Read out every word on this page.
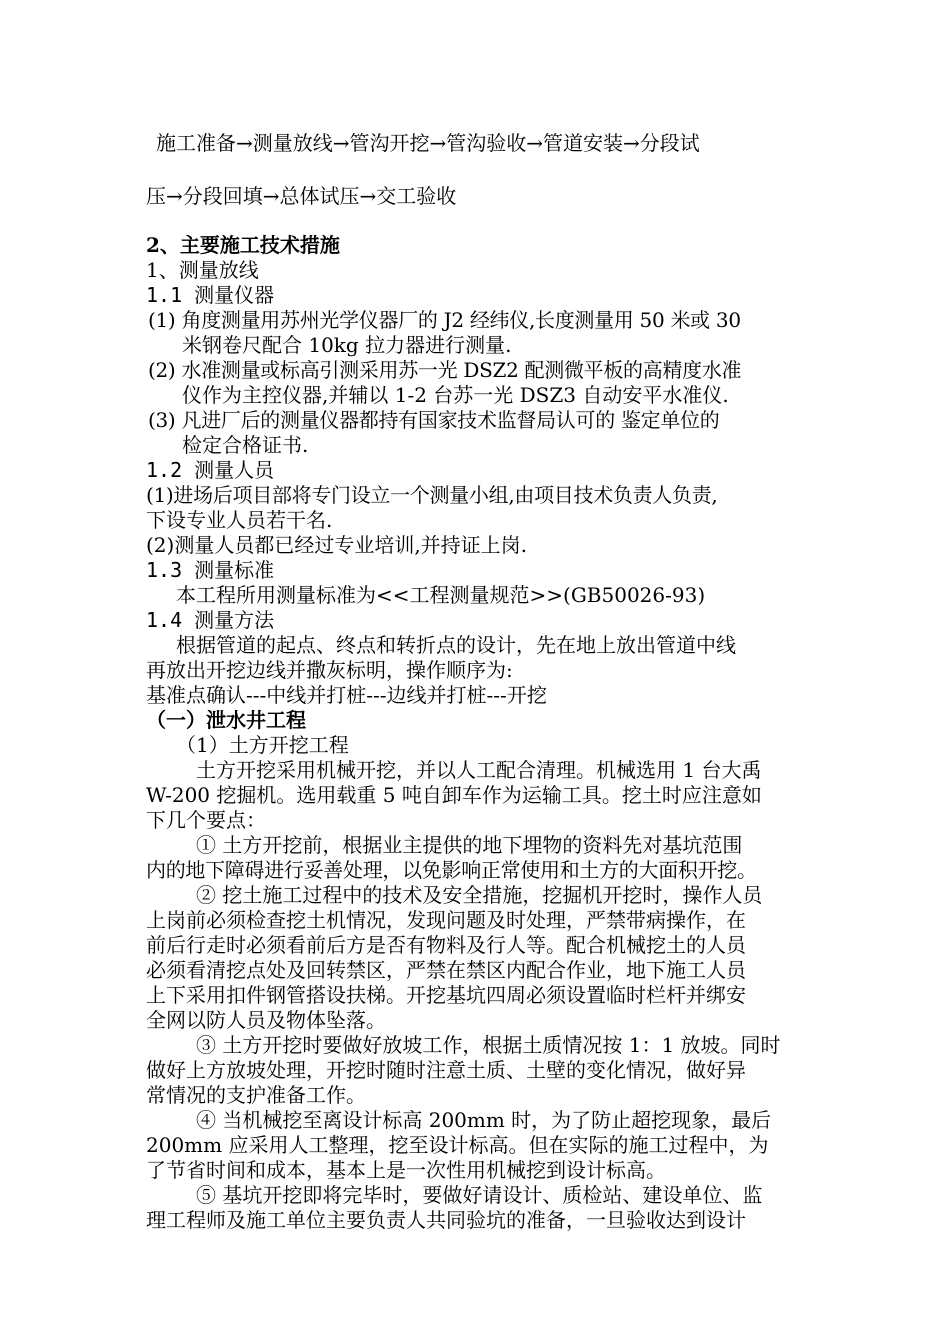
施工准备→测量放线→管沟开挖→管沟验收→管道安装→分段试
压→分段回填→总体试压→交工验收
2、主要施工技术措施
1、测量放线
1.1 测量仪器
(1) 角度测量用苏州光学仪器厂的 J2 经纬仪,长度测量用 50 米或 30
米钢卷尺配合 10kg 拉力器进行测量.
(2) 水准测量或标高引测采用苏一光 DSZ2 配测微平板的高精度水准
仪作为主控仪器,并辅以 1-2 台苏一光 DSZ3 自动安平水准仪.
(3) 凡进厂后的测量仪器都持有国家技术监督局认可的 鉴定单位的
检定合格证书.
1.2 测量人员
(1)进场后项目部将专门设立一个测量小组,由项目技术负责人负责,
下设专业人员若干名.
(2)测量人员都已经过专业培训,并持证上岗.
1.3 测量标准
本工程所用测量标准为<<工程测量规范>>(GB50026-93)
1.4 测量方法
根据管道的起点、终点和转折点的设计，先在地上放出管道中线
再放出开挖边线并撒灰标明，操作顺序为:
基准点确认---中线并打桩---边线并打桩---开挖
（一）泄水井工程
（1）土方开挖工程
土方开挖采用机械开挖，并以人工配合清理。机械选用 1 台大禹
W-200 挖掘机。选用载重 5 吨自卸车作为运输工具。挖土时应注意如
下几个要点：
① 土方开挖前，根据业主提供的地下埋物的资料先对基坑范围
内的地下障碍进行妥善处理，以免影响正常使用和土方的大面积开挖。
② 挖土施工过程中的技术及安全措施，挖掘机开挖时，操作人员
上岗前必须检查挖土机情况，发现问题及时处理，严禁带病操作，在
前后行走时必须看前后方是否有物料及行人等。配合机械挖土的人员
必须看清挖点处及回转禁区，严禁在禁区内配合作业，地下施工人员
上下采用扣件钢管搭设扶梯。开挖基坑四周必须设置临时栏杆并绑安
全网以防人员及物体坠落。
③ 土方开挖时要做好放坡工作，根据土质情况按 1：1 放坡。同时
做好上方放坡处理，开挖时随时注意土质、土壁的变化情况，做好异
常情况的支护准备工作。
④ 当机械挖至离设计标高 200mm 时，为了防止超挖现象，最后
200mm 应采用人工整理，挖至设计标高。但在实际的施工过程中，为
了节省时间和成本，基本上是一次性用机械挖到设计标高。
⑤ 基坑开挖即将完毕时，要做好请设计、质检站、建设单位、监
理工程师及施工单位主要负责人共同验坑的准备，一旦验收达到设计
